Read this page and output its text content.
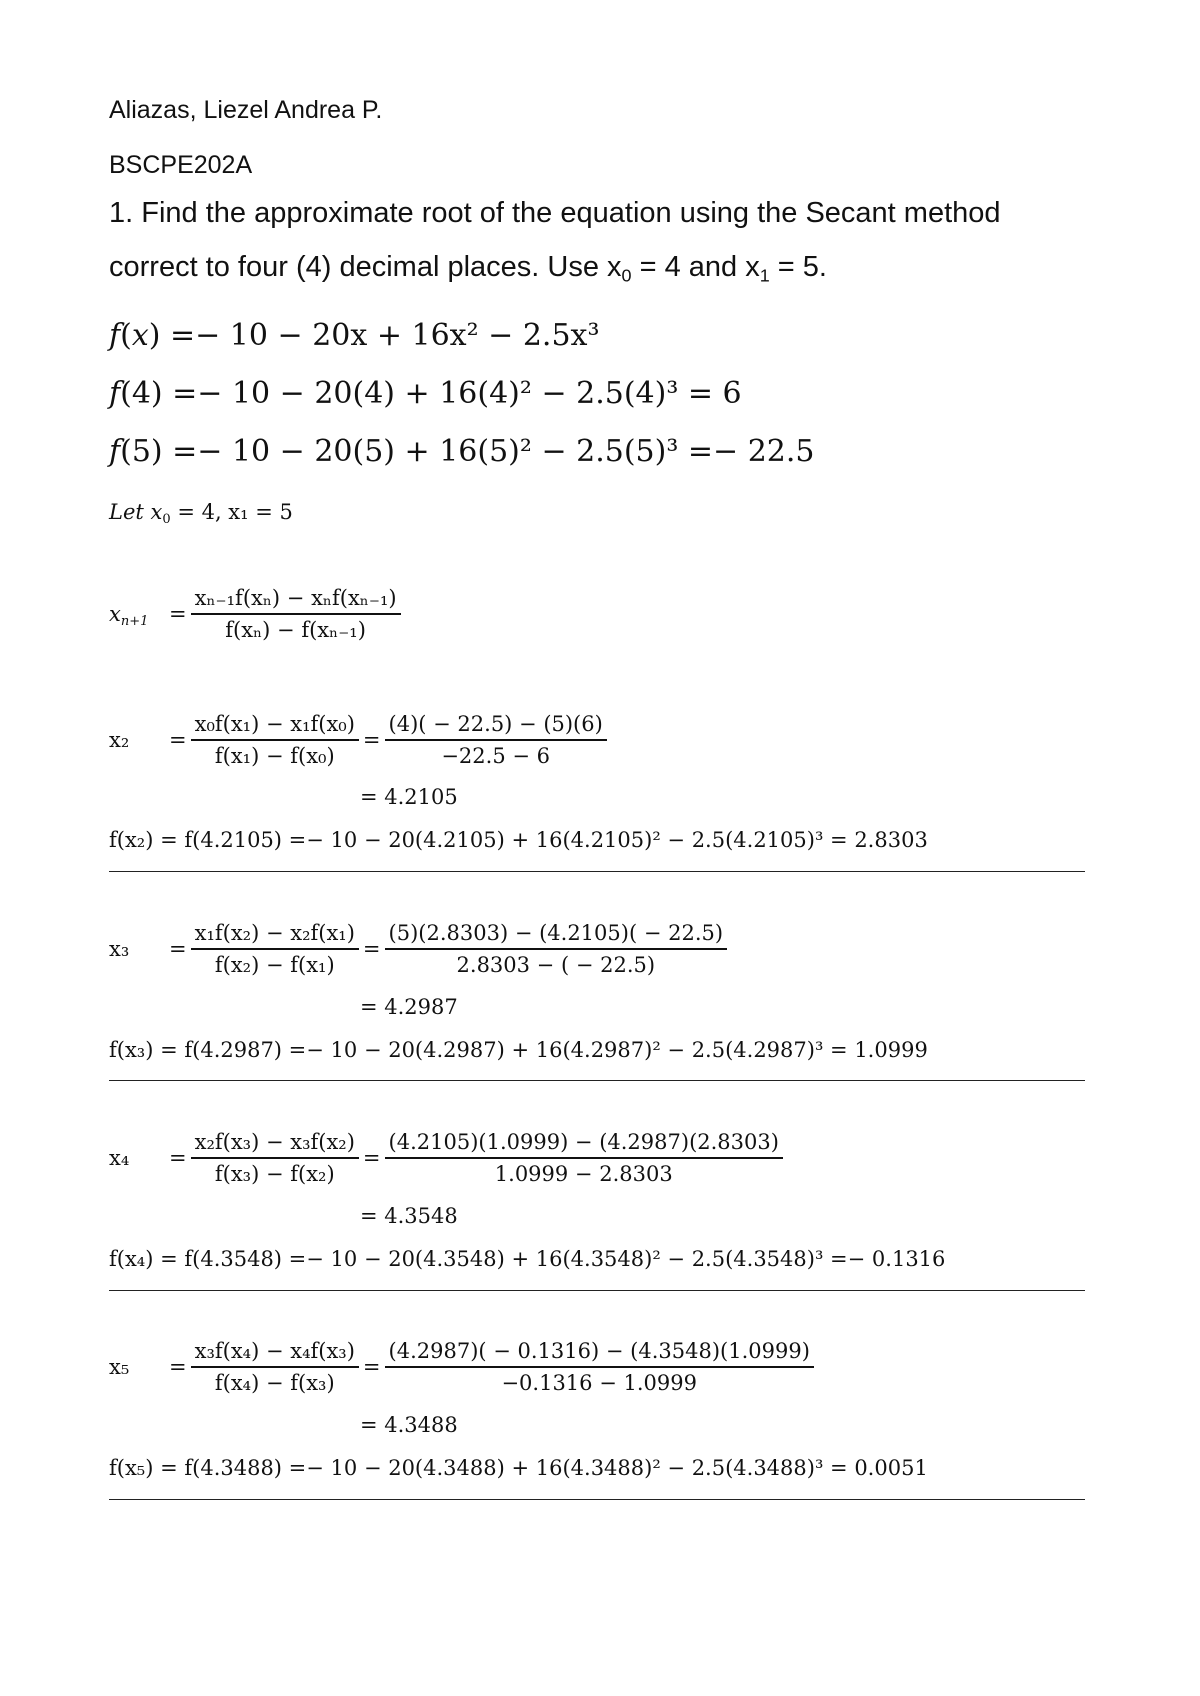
Aliazas, Liezel Andrea P.
BSCPE202A
1. Find the approximate root of the equation using the Secant method
correct to four (4) decimal places. Use $x_0 = 4$ and $x_1 = 5$.
f(x) =− 10 − 20x + 16x² − 2.5x³
f(4) =− 10 − 20(4) + 16(4)² − 2.5(4)³ = 6
f(5) =− 10 − 20(5) + 16(5)² − 2.5(5)³ =− 22.5
Let $x_0 = 4$, x₁ = 5
$x_{n+1} = \frac{\text{xₙ₋₁f(xₙ) − xₙf(xₙ₋₁)}}{\text{f(xₙ) − f(xₙ₋₁)}}$
x₂	= $\frac{\text{x₀f(x₁) − x₁f(x₀)}}{\text{f(x₁) − f(x₀)}} = \frac{(4)( - 22.5) - (5)(6)}{-22.5 - 6}$
= 4.2105
f(x₂) = f(4.2105) =− 10 − 20(4.2105) + 16(4.2105)² − 2.5(4.2105)³ = 2.8303
x₃	= $\frac{\text{x₁f(x₂) − x₂f(x₁)}}{\text{f(x₂) − f(x₁)}} = \frac{(5)(2.8303) - (4.2105)( - 22.5)}{2.8303 - ( - 22.5)}$
= 4.2987
f(x₃) = f(4.2987) =− 10 − 20(4.2987) + 16(4.2987)² − 2.5(4.2987)³ = 1.0999
x₄	= $\frac{\text{x₂f(x₃) − x₃f(x₂)}}{\text{f(x₃) − f(x₂)}} = \frac{(4.2105)(1.0999) - (4.2987)(2.8303)}{1.0999 - 2.8303}$
= 4.3548
f(x₄) = f(4.3548) =− 10 − 20(4.3548) + 16(4.3548)² − 2.5(4.3548)³ =− 0.1316
x₅	= $\frac{\text{x₃f(x₄) − x₄f(x₃)}}{\text{f(x₄) − f(x₃)}} = \frac{(4.2987)( - 0.1316) - (4.3548)(1.0999)}{-0.1316 - 1.0999}$
= 4.3488
f(x₅) = f(4.3488) =− 10 − 20(4.3488) + 16(4.3488)² − 2.5(4.3488)³ = 0.0051
